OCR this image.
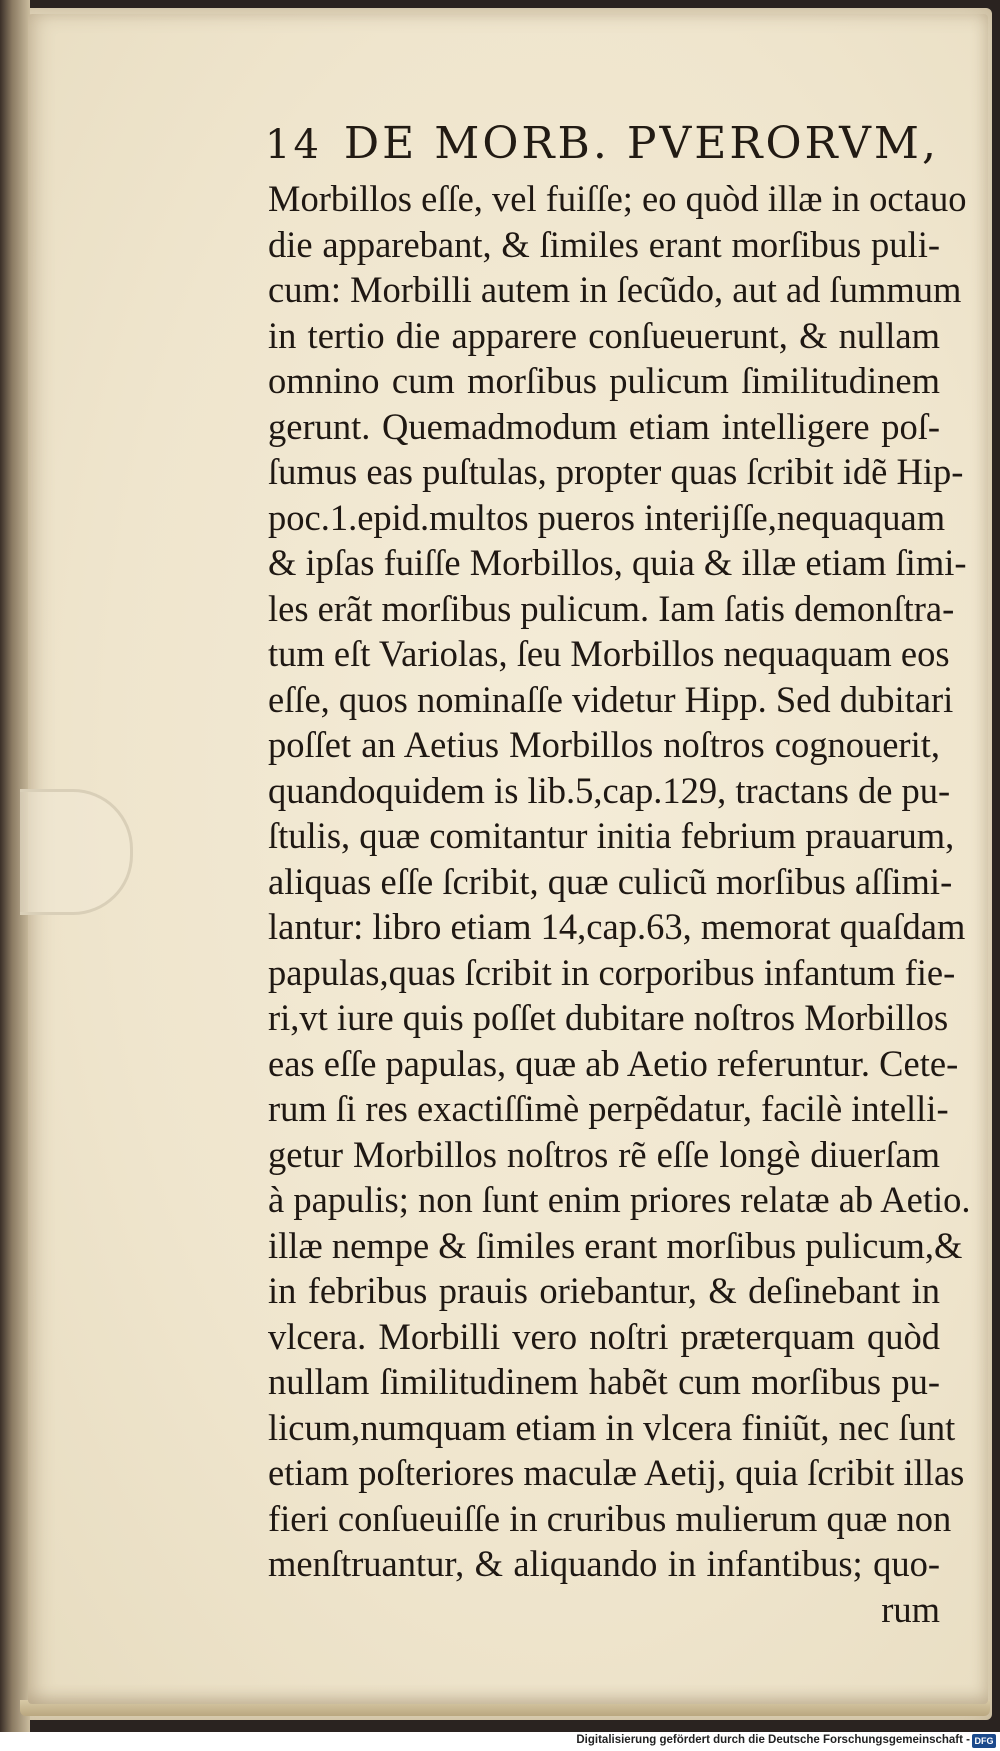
14 DE MORB. PVERORVM,
Morbillos eſſe, vel fuiſſe; eo quòd illæ in octauo
die apparebant, & ſimiles erant morſibus puli-
cum: Morbilli autem in ſecũdo, aut ad ſummum
in tertio die apparere conſueuerunt, & nullam
omnino cum morſibus pulicum ſimilitudinem
gerunt. Quemadmodum etiam intelligere poſ-
ſumus eas puſtulas, propter quas ſcribit idẽ Hip-
poc.1.epid.multos pueros interijſſe,nequaquam
& ipſas fuiſſe Morbillos, quia & illæ etiam ſimi-
les erãt morſibus pulicum. Iam ſatis demonſtra-
tum eſt Variolas, ſeu Morbillos nequaquam eos
eſſe, quos nominaſſe videtur Hipp. Sed dubitari
poſſet an Aetius Morbillos noſtros cognouerit,
quandoquidem is lib.5,cap.129, tractans de pu-
ſtulis, quæ comitantur initia febrium prauarum,
aliquas eſſe ſcribit, quæ culicũ morſibus aſſimi-
lantur: libro etiam 14,cap.63, memorat quaſdam
papulas,quas ſcribit in corporibus infantum fie-
ri,vt iure quis poſſet dubitare noſtros Morbillos
eas eſſe papulas, quæ ab Aetio referuntur. Cete-
rum ſi res exactiſſimè perpẽdatur, facilè intelli-
getur Morbillos noſtros rẽ eſſe longè diuerſam
à papulis; non ſunt enim priores relatæ ab Aetio.
illæ nempe & ſimiles erant morſibus pulicum,&
in febribus prauis oriebantur, & deſinebant in
vlcera. Morbilli vero noſtri præterquam quòd
nullam ſimilitudinem habẽt cum morſibus pu-
licum,numquam etiam in vlcera finiũt, nec ſunt
etiam poſteriores maculæ Aetij, quia ſcribit illas
fieri conſueuiſſe in cruribus mulierum quæ non
menſtruantur, & aliquando in infantibus; quo-
rum
Digitalisierung gefördert durch die Deutsche Forschungsgemeinschaft - DFG
